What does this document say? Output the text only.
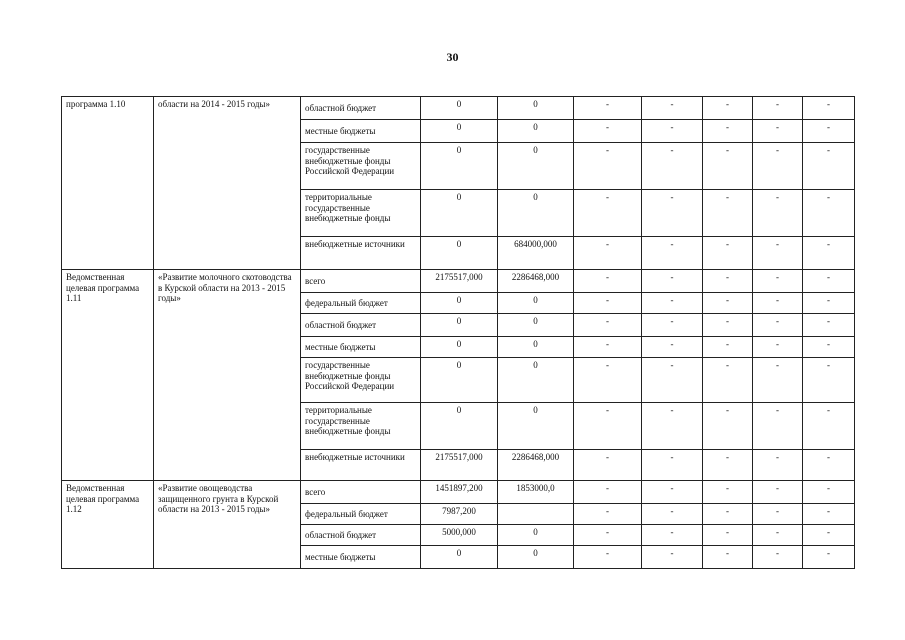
30
программа 1.10	области на 2014 - 2015 годы»	областной бюджет	0	0	-	-	-	-	-
		местные бюджеты	0	0	-	-	-	-	-
		государственные внебюджетные фонды Российской Федерации	0	0	-	-	-	-	-
		территориальные государственные внебюджетные фонды	0	0	-	-	-	-	-
		внебюджетные источники	0	684000,000	-	-	-	-	-
Ведомственная целевая программа 1.11	«Развитие молочного скотоводства в Курской области на 2013 - 2015 годы»	всего	2175517,000	2286468,000	-	-	-	-	-
		федеральный бюджет	0	0	-	-	-	-	-
		областной бюджет	0	0	-	-	-	-	-
		местные бюджеты	0	0	-	-	-	-	-
		государственные внебюджетные фонды Российской Федерации	0	0	-	-	-	-	-
		территориальные государственные внебюджетные фонды	0	0	-	-	-	-	-
		внебюджетные источники	2175517,000	2286468,000	-	-	-	-	-
Ведомственная целевая программа 1.12	«Развитие овощеводства защищенного грунта в Курской области на 2013 - 2015 годы»	всего	1451897,200	1853000,0	-	-	-	-	-
		федеральный бюджет	7987,200		-	-	-	-	-
		областной бюджет	5000,000	0	-	-	-	-	-
		местные бюджеты	0	0	-	-	-	-	-
